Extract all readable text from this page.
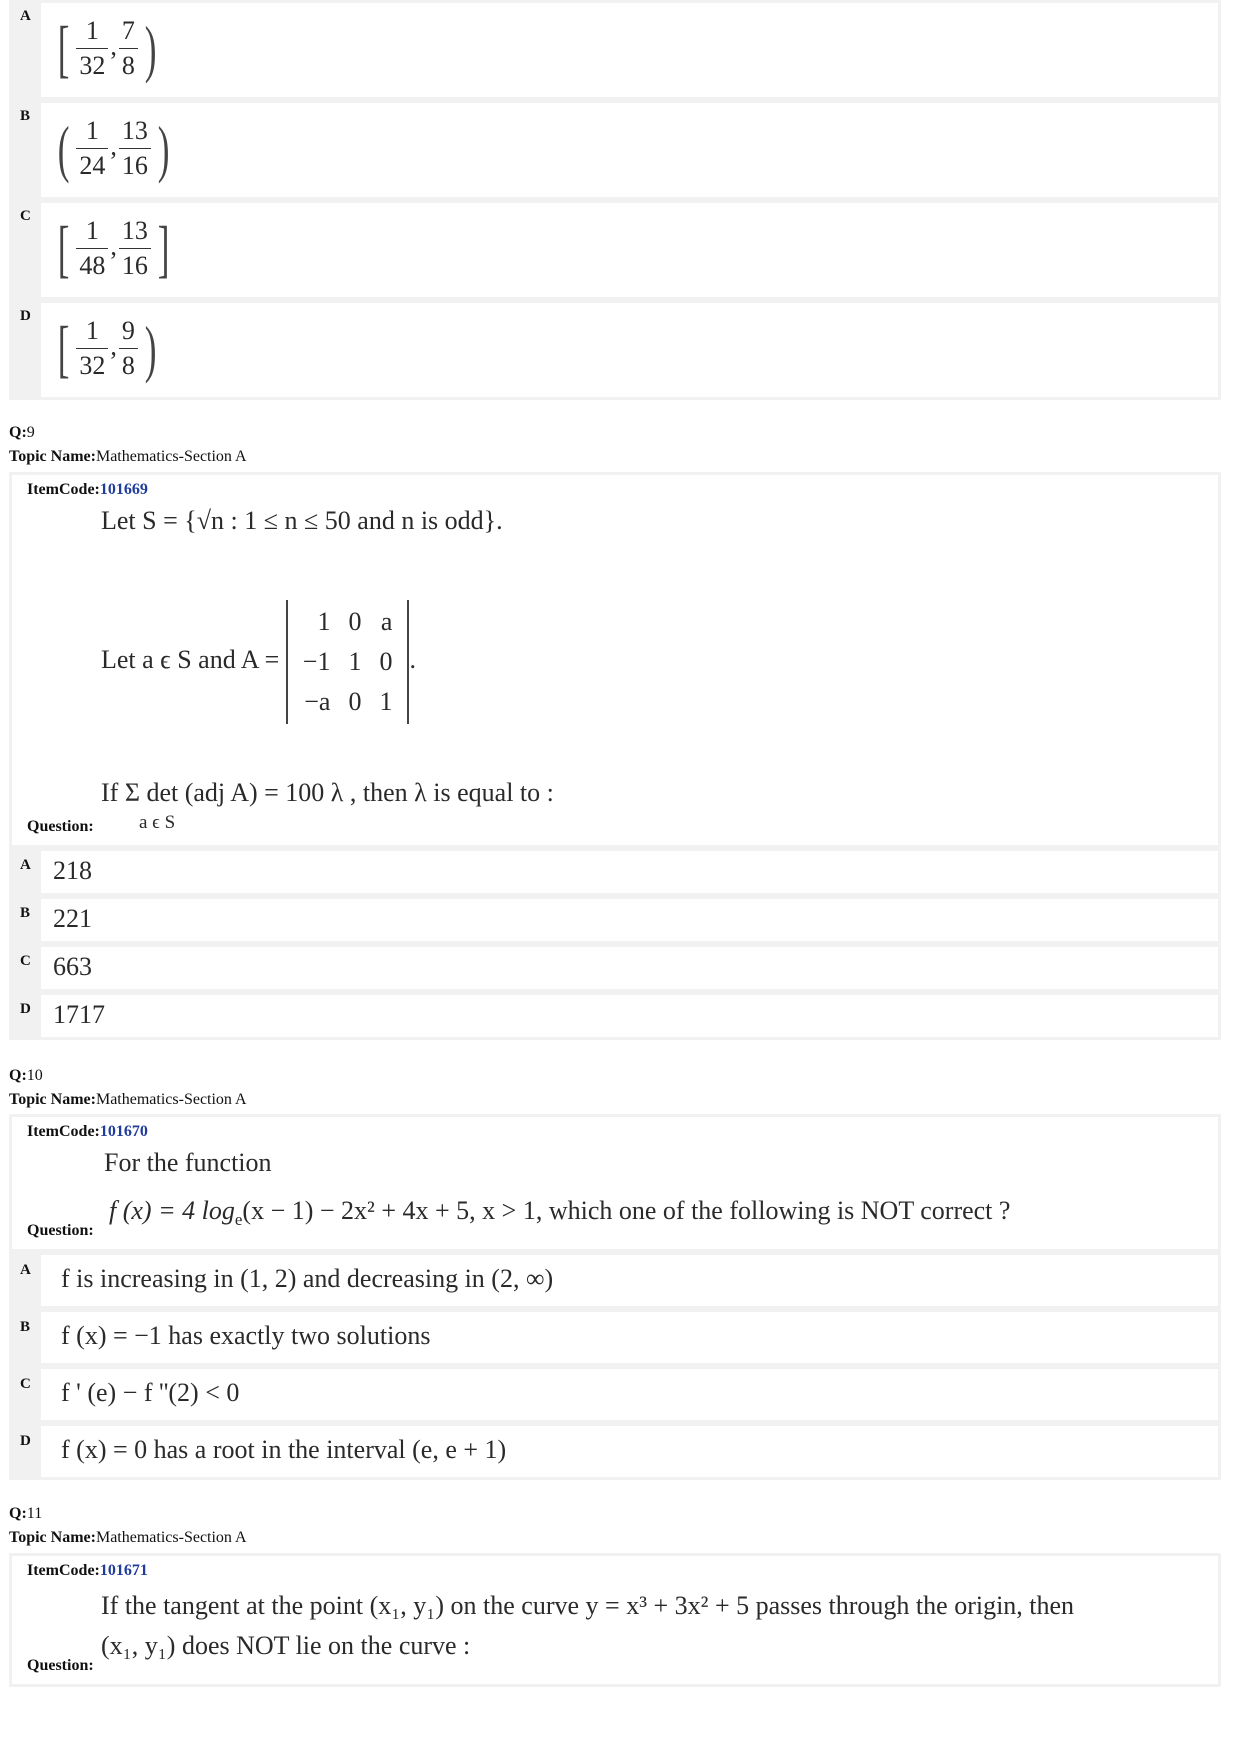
A [ $\frac{1}{32}$ , $\frac{7}{8}$ )
B ( $\frac{1}{24}$ , $\frac{13}{16}$ )
C [ $\frac{1}{48}$ , $\frac{13}{16}$ ]
D [ $\frac{1}{32}$ , $\frac{9}{8}$ )
Q:9
Topic Name:Mathematics-Section A
ItemCode:101669
Let S = {√n : 1 ≤ n ≤ 50 and n is odd}.
Let a ϵ S and A =
1	0	a
−1	1	0
−a	0	1
.
If Σ det (adj A) = 100 λ , then λ is equal to :
a ϵ S
Question:
A 218
B 221
C 663
D 1717
Q:10
Topic Name:Mathematics-Section A
ItemCode:101670
For the function
f (x) = 4 $\log_e(x - 1) - 2x^2 + 4x + 5$, x > 1, which one of the following is NOT correct ?
Question:
A f is increasing in (1, 2) and decreasing in (2, ∞)
B f (x) = −1 has exactly two solutions
C f ' (e) − f ''(2) < 0
D f (x) = 0 has a root in the interval (e, e + 1)
Q:11
Topic Name:Mathematics-Section A
ItemCode:101671
If the tangent at the point (x₁, y₁) on the curve y = x³ + 3x² + 5 passes through the origin, then
(x₁, y₁) does NOT lie on the curve :
Question:
